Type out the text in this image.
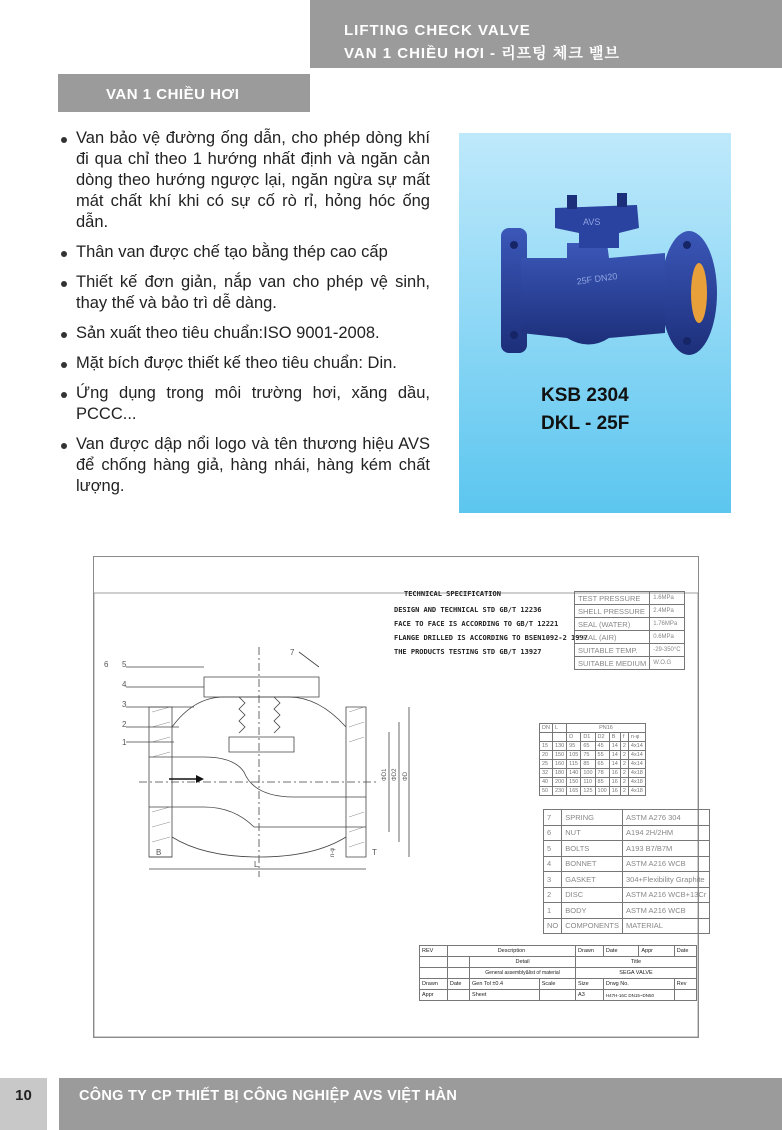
LIFTING CHECK VALVE
VAN 1 CHIỀU HƠI - 리프팅 체크 밸브
VAN 1 CHIỀU HƠI
Van bảo vệ đường ống dẫn, cho phép dòng khí đi qua chỉ theo 1 hướng nhất định và ngăn cản dòng theo hướng ngược lại, ngăn ngừa sự mất mát chất khí khi có sự cố rò rỉ, hỏng hóc ống dẫn.
Thân van được chế tạo bằng thép cao cấp
Thiết kế đơn giản, nắp van cho phép vệ sinh, thay thế và bảo trì dễ dàng.
Sản xuất theo tiêu chuẩn:ISO 9001-2008.
Mặt bích được thiết kế theo tiêu chuẩn: Din.
Ứng dụng trong môi trường hơi, xăng dầu, PCCC...
Van được dập nổi logo và tên thương hiệu AVS để chống hàng giả, hàng nhái, hàng kém chất lượng.
AVS
25F DN20
KSB 2304
DKL - 25F
6 5
4
3
2
1
7
B
L
T
n-φ
ΦD1 ΦD2 ΦD
TECHNICAL SPECIFICATION
DESIGN AND TECHNICAL STD GB/T 12236
FACE TO FACE IS ACCORDING TO GB/T 12221
FLANGE DRILLED IS ACCORDING TO BSEN1092-2 1997
THE PRODUCTS TESTING STD GB/T 13927
TEST PRESSURE	1.6MPa
SHELL PRESSURE	2.4MPa
SEAL (WATER)	1.76MPa
SEAL (AIR)	0.6MPa
SUITABLE TEMP.	-29-350°C
SUITABLE MEDIUM	W.O.G
DN	L	PN16					
		D	D1	D2	B	f	n-φ
15	130	95	65	45	14	2	4x14
20	150	105	75	55	14	2	4x14
25	160	115	85	65	14	2	4x14
32	180	140	100	78	16	2	4x18
40	200	150	110	85	16	2	4x18
50	230	165	125	100	16	2	4x18
7	SPRING	ASTM A276 304
6	NUT	A194 2H/2HM
5	BOLTS	A193 B7/B7M
4	BONNET	ASTM A216 WCB
3	GASKET	304+Flexibility Graphite
2	DISC	ASTM A216 WCB+13Cr
1	BODY	ASTM A216 WCB
NO	COMPONENTS	MATERIAL
REV	Description			Drawn	Date	Appr	Date
		Detail		Title			
		General assembly&list of material		SEGA VALVE			
Drawn	Date	Gen Tol ±0.4	Scale	Size	Drwg No.		Rev
Appr		Sheet		A3	H47H-16C DN15~DN50		
10	CÔNG TY CP THIẾT BỊ CÔNG NGHIỆP AVS VIỆT HÀN
